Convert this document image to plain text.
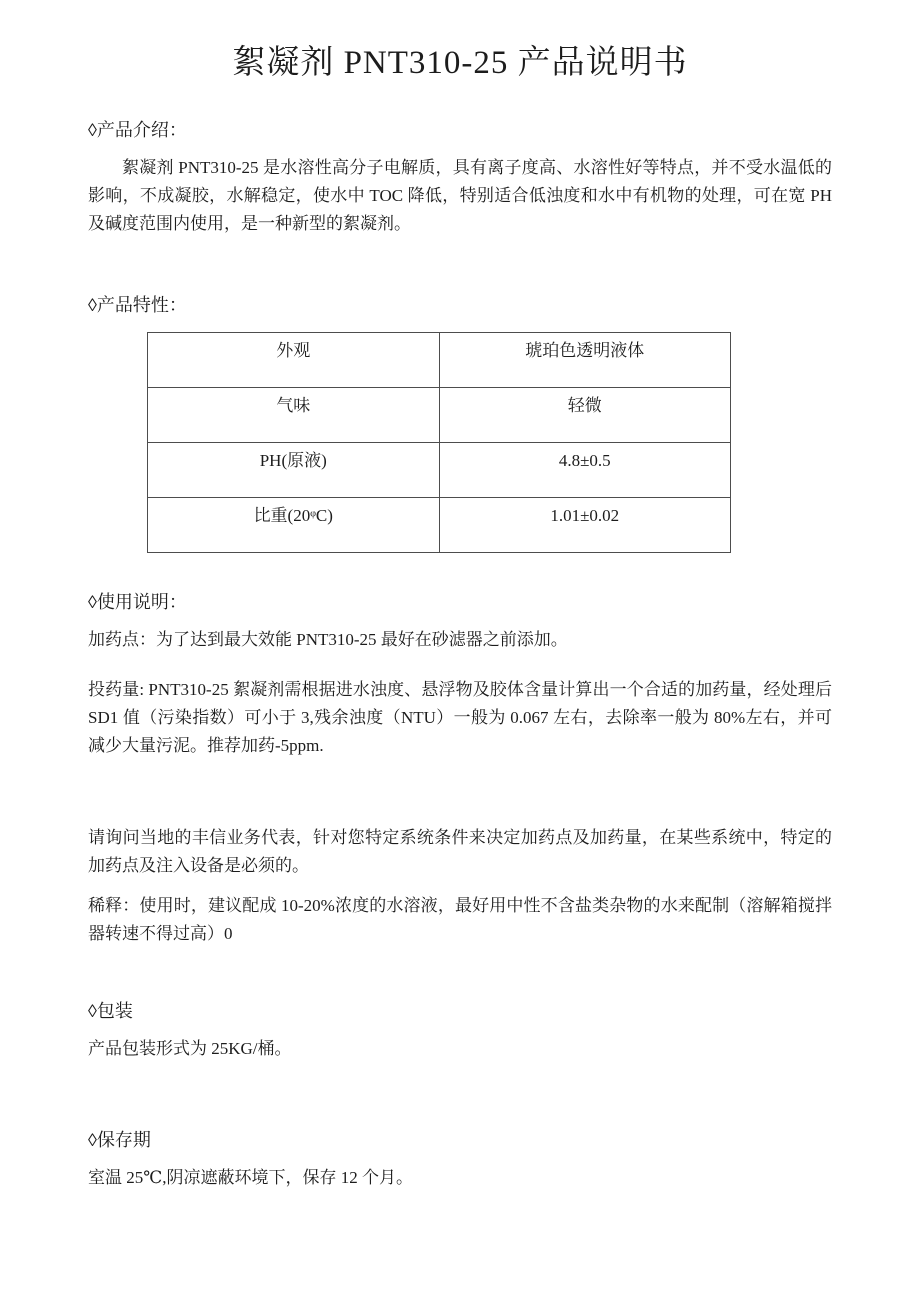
絮凝剂 PNT310-25 产品说明书

◊产品介绍：

絮凝剂 PNT310-25 是水溶性高分子电解质，具有离子度高、水溶性好等特点，并不受水温低的影响，不成凝胶，水解稳定，使水中 TOC 降低，特别适合低浊度和水中有机物的处理，可在宽 PH 及碱度范围内使用，是一种新型的絮凝剂。

◊产品特性：

外观	琥珀色透明液体
气味	轻微
PH(原液)	4.8±0.5
比重(20ᵠC)	1.01±0.02

◊使用说明：

加药点：为了达到最大效能 PNT310-25 最好在砂滤器之前添加。

投药量: PNT310-25 絮凝剂需根据进水浊度、悬浮物及胶体含量计算出一个合适的加药量，经处理后 SD1 值（污染指数）可小于 3,残余浊度（NTU）一般为 0.067 左右，去除率一般为 80%左右，并可减少大量污泥。推荐加药-5ppm.

请询问当地的丰信业务代表，针对您特定系统条件来决定加药点及加药量，在某些系统中，特定的加药点及注入设备是必须的。

稀释：使用时，建议配成 10-20%浓度的水溶液，最好用中性不含盐类杂物的水来配制（溶解箱搅拌器转速不得过高）0

◊包装

产品包装形式为 25KG/桶。

◊保存期

室温 25℃,阴凉遮蔽环境下，保存 12 个月。
